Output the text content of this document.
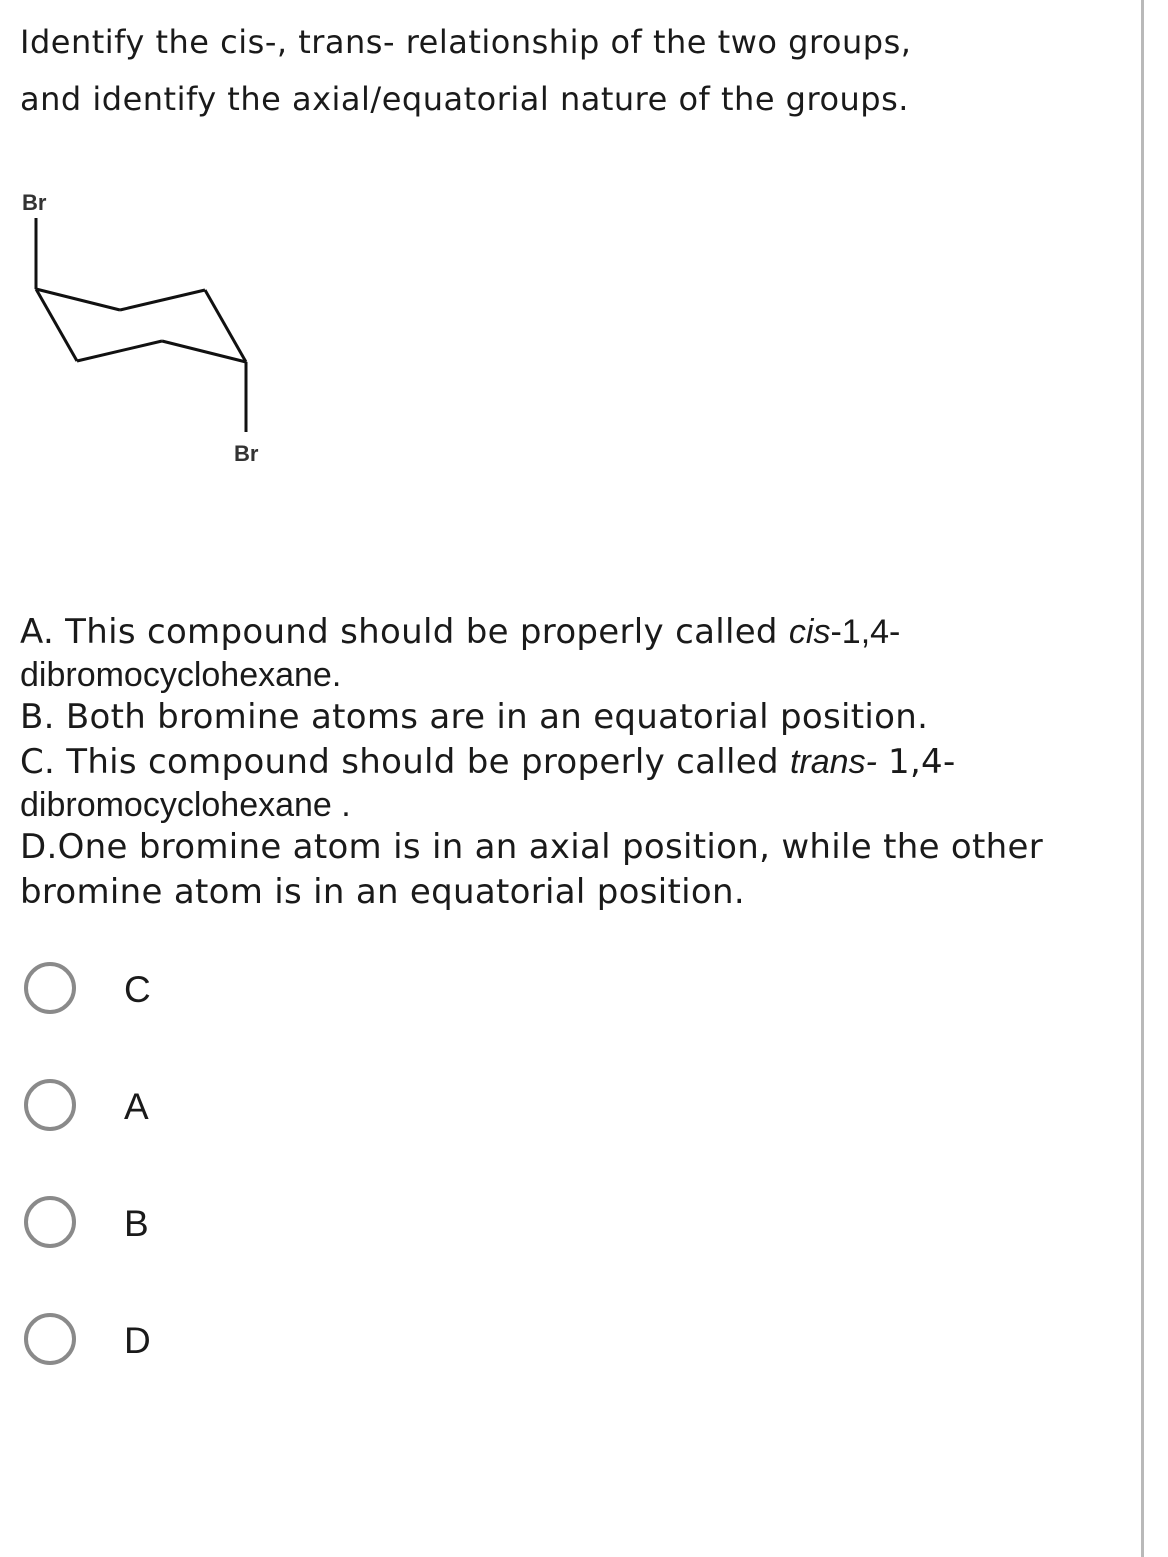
Identify the cis-, trans- relationship of the two groups,
and identify the axial/equatorial nature of the groups.
Br
Br
A. This compound should be properly called cis-1,4-
dibromocyclohexane.
B. Both bromine atoms are in an equatorial position.
C. This compound should be properly called trans- 1,4-
dibromocyclohexane .
D.One bromine atom is in an axial position, while the other
bromine atom is in an equatorial position.
C
A
B
D
